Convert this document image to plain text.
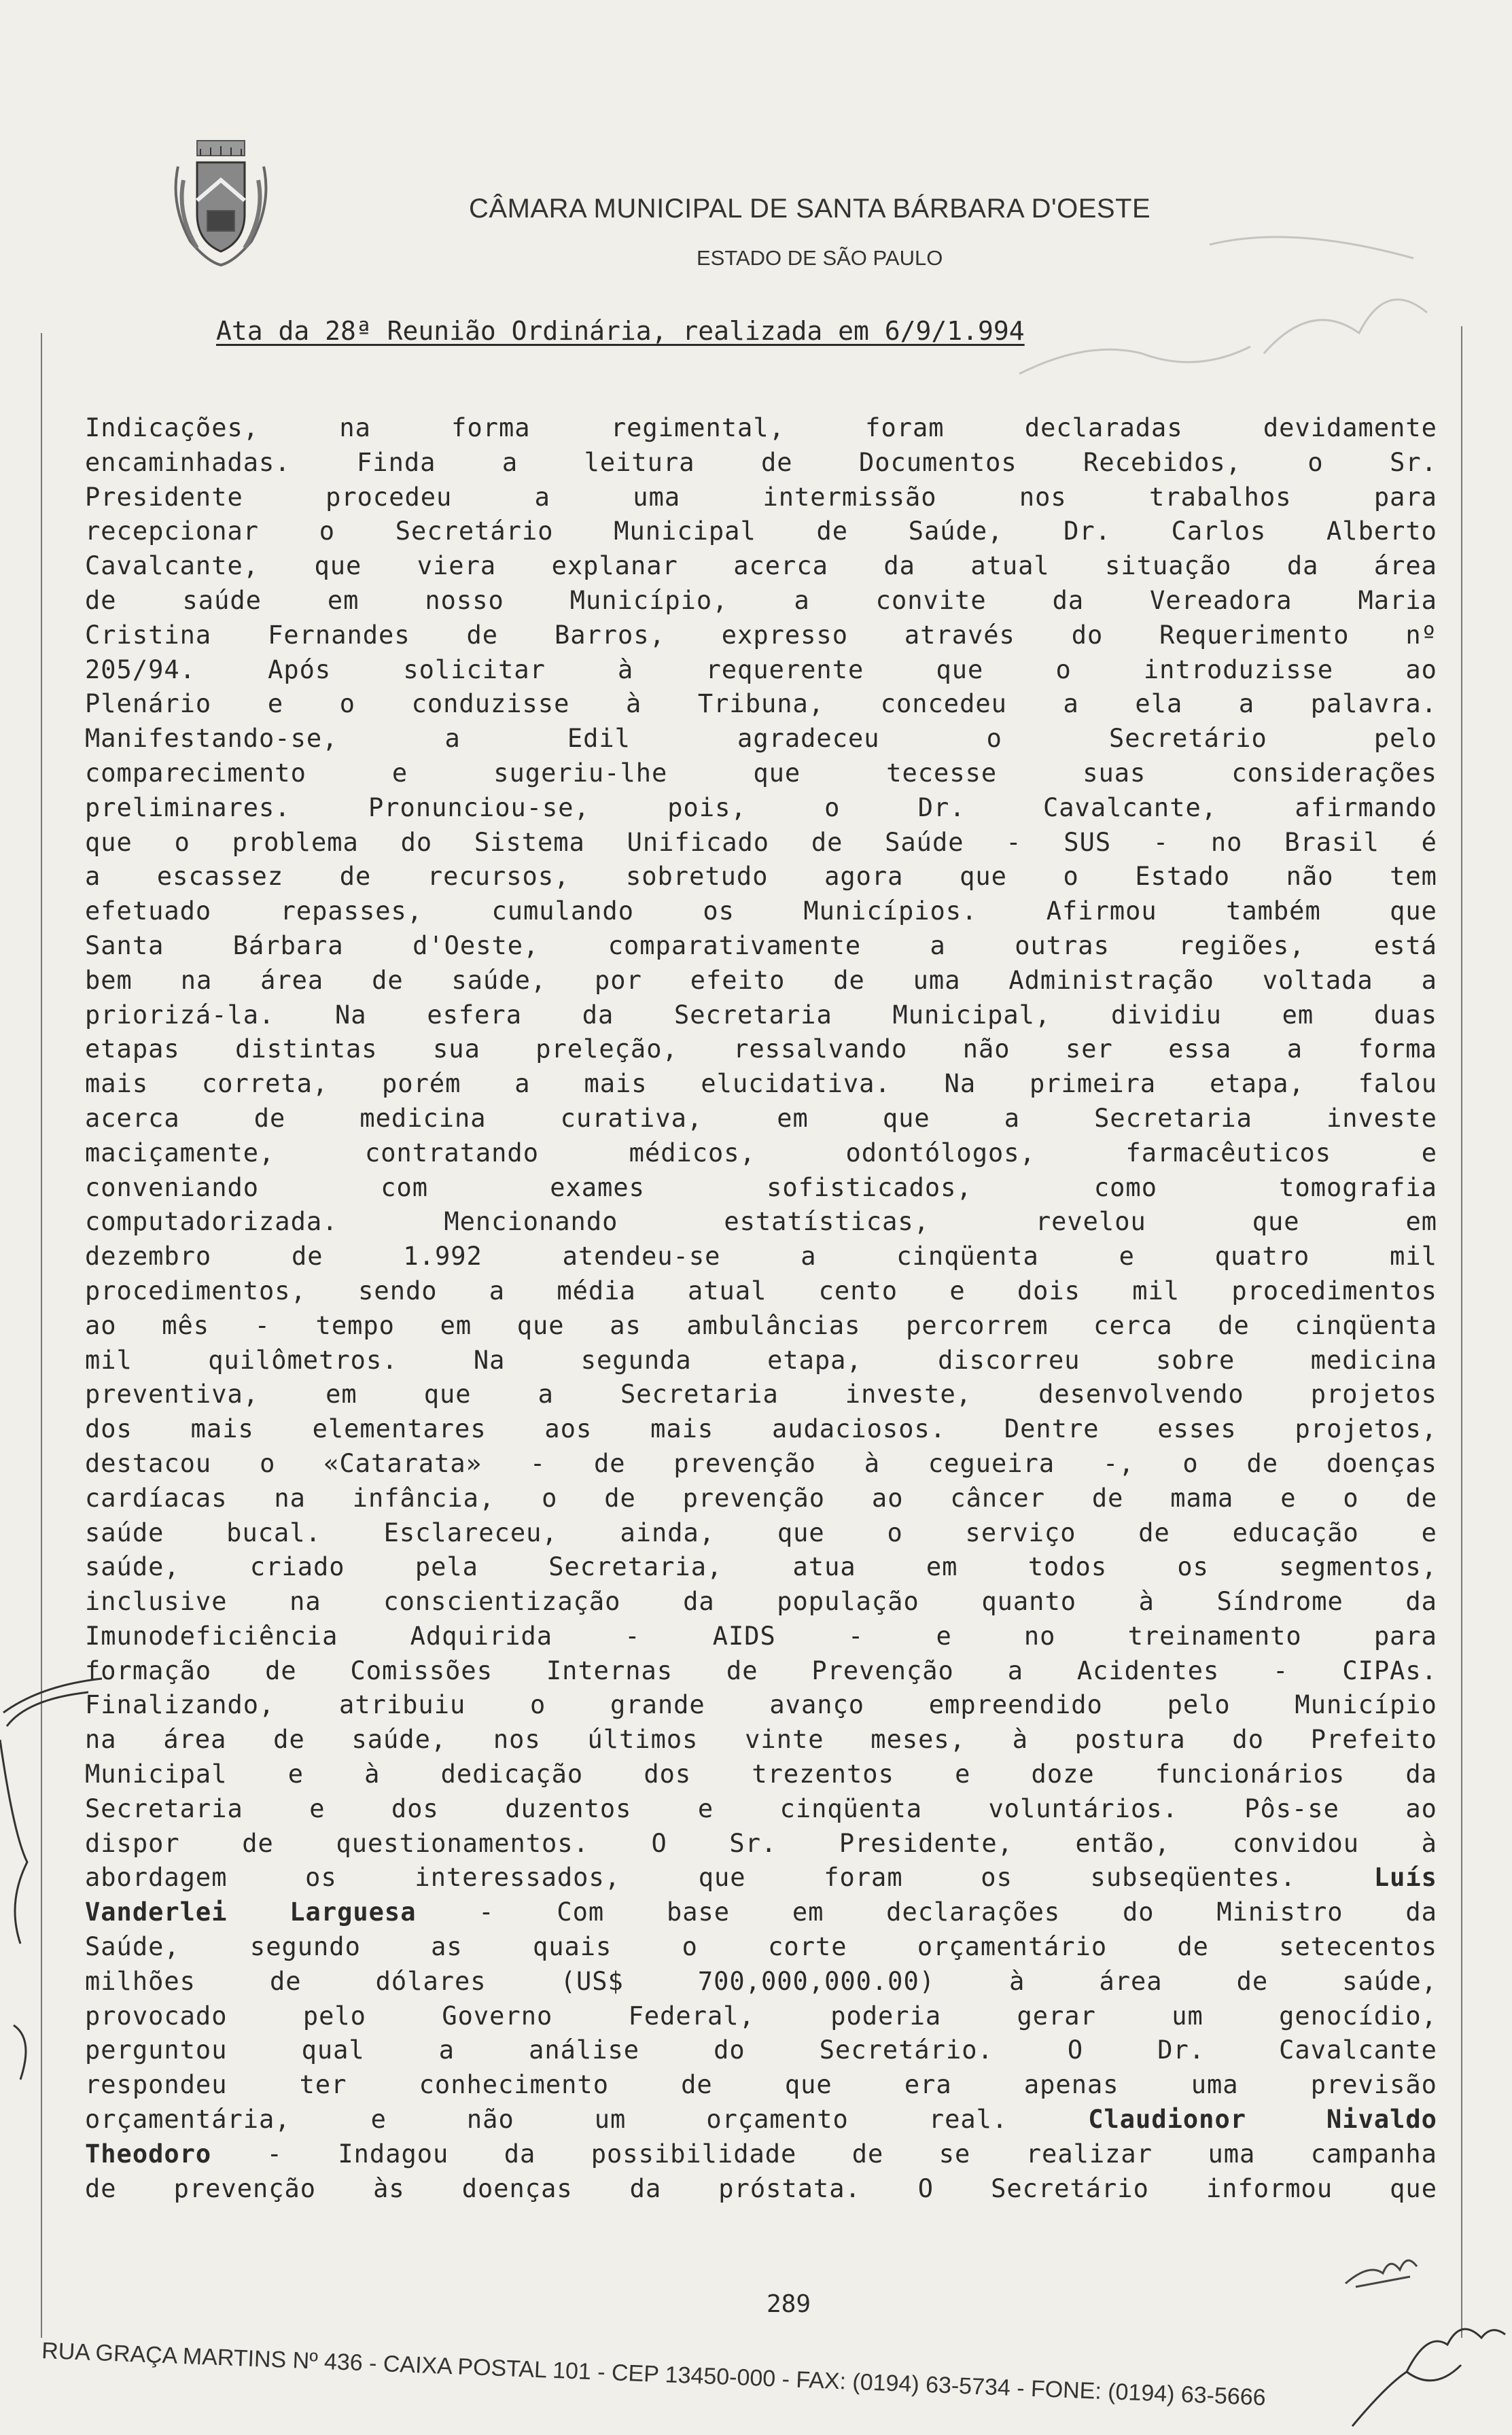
CÂMARA MUNICIPAL DE SANTA BÁRBARA D'OESTE
ESTADO DE SÃO PAULO
Ata da 28ª Reunião Ordinária, realizada em 6/9/1.994
Indicações,	na	forma	regimental,	foram	declaradas	devidamente
encaminhadas.	Finda	a	leitura	de	Documentos	Recebidos,	o	Sr.
Presidente	procedeu	a	uma	intermissão	nos	trabalhos	para
recepcionar o Secretário Municipal de Saúde, Dr. Carlos Alberto
Cavalcante, que viera explanar acerca da atual situação da área
de	saúde	em	nosso	Município,	a	convite	da	Vereadora	Maria
Cristina Fernandes de Barros, expresso através do Requerimento nº
205/94.	Após	solicitar	à	requerente	que	o	introduzisse	ao
Plenário e o conduzisse à Tribuna, concedeu a ela a palavra.
Manifestando-se,	a	Edil	agradeceu	o	Secretário	pelo
comparecimento	e	sugeriu-lhe	que	tecesse	suas	considerações
preliminares.	Pronunciou-se,	pois,	o	Dr.	Cavalcante,	afirmando
que o problema do Sistema Unificado de Saúde - SUS - no Brasil é
a escassez de recursos, sobretudo agora que o Estado não tem
efetuado	repasses,	cumulando	os	Municípios.	Afirmou	também	que
Santa	Bárbara	d'Oeste,	comparativamente	a	outras	regiões,	está
bem na área de saúde, por efeito de uma Administração voltada a
priorizá-la. Na esfera da Secretaria Municipal, dividiu em duas
etapas distintas sua preleção, ressalvando não ser essa a forma
mais correta, porém a mais elucidativa. Na primeira etapa, falou
acerca	de	medicina	curativa,	em	que	a	Secretaria	investe
maciçamente,	contratando	médicos,	odontólogos,	farmacêuticos	e
conveniando	com	exames	sofisticados,	como	tomografia
computadorizada.	Mencionando	estatísticas,	revelou	que	em
dezembro	de	1.992	atendeu-se	a	cinqüenta	e	quatro	mil
procedimentos, sendo a média atual cento e dois mil procedimentos
ao mês - tempo em que as ambulâncias percorrem cerca de cinqüenta
mil	quilômetros.	Na	segunda	etapa,	discorreu	sobre	medicina
preventiva,	em	que	a	Secretaria	investe,	desenvolvendo	projetos
dos mais elementares aos mais audaciosos. Dentre esses projetos,
destacou o «Catarata» - de prevenção à cegueira -, o de doenças
cardíacas na infância, o de prevenção ao câncer de mama e o de
saúde bucal. Esclareceu, ainda, que o serviço de educação e
saúde,	criado	pela	Secretaria,	atua	em	todos	os	segmentos,
inclusive na conscientização da população quanto à Síndrome da
Imunodeficiência	Adquirida	-	AIDS	-	e	no	treinamento	para
formação de Comissões Internas de Prevenção a Acidentes - CIPAs.
Finalizando,	atribuiu	o	grande	avanço	empreendido	pelo	Município
na área de saúde, nos últimos vinte meses, à postura do Prefeito
Municipal e à dedicação dos trezentos e doze funcionários da
Secretaria	e	dos	duzentos	e	cinqüenta	voluntários.	Pôs-se	ao
dispor de questionamentos. O Sr. Presidente, então, convidou à
abordagem	os	interessados,	que	foram	os	subseqüentes.	Luís
Vanderlei Larguesa - Com base em declarações do Ministro da
Saúde,	segundo	as	quais	o	corte	orçamentário	de	setecentos
milhões	de	dólares	(US$	700,000,000.00)	à	área	de	saúde,
provocado	pelo	Governo	Federal,	poderia	gerar	um	genocídio,
perguntou	qual	a	análise	do	Secretário.	O	Dr.	Cavalcante
respondeu	ter	conhecimento	de	que	era	apenas	uma	previsão
orçamentária,	e	não	um	orçamento	real.	Claudionor	Nivaldo
Theodoro - Indagou da possibilidade de se realizar uma campanha
de prevenção às doenças da próstata. O Secretário informou que
289
RUA GRAÇA MARTINS Nº 436 - CAIXA POSTAL 101 - CEP 13450-000 - FAX: (0194) 63-5734 - FONE: (0194) 63-5666
